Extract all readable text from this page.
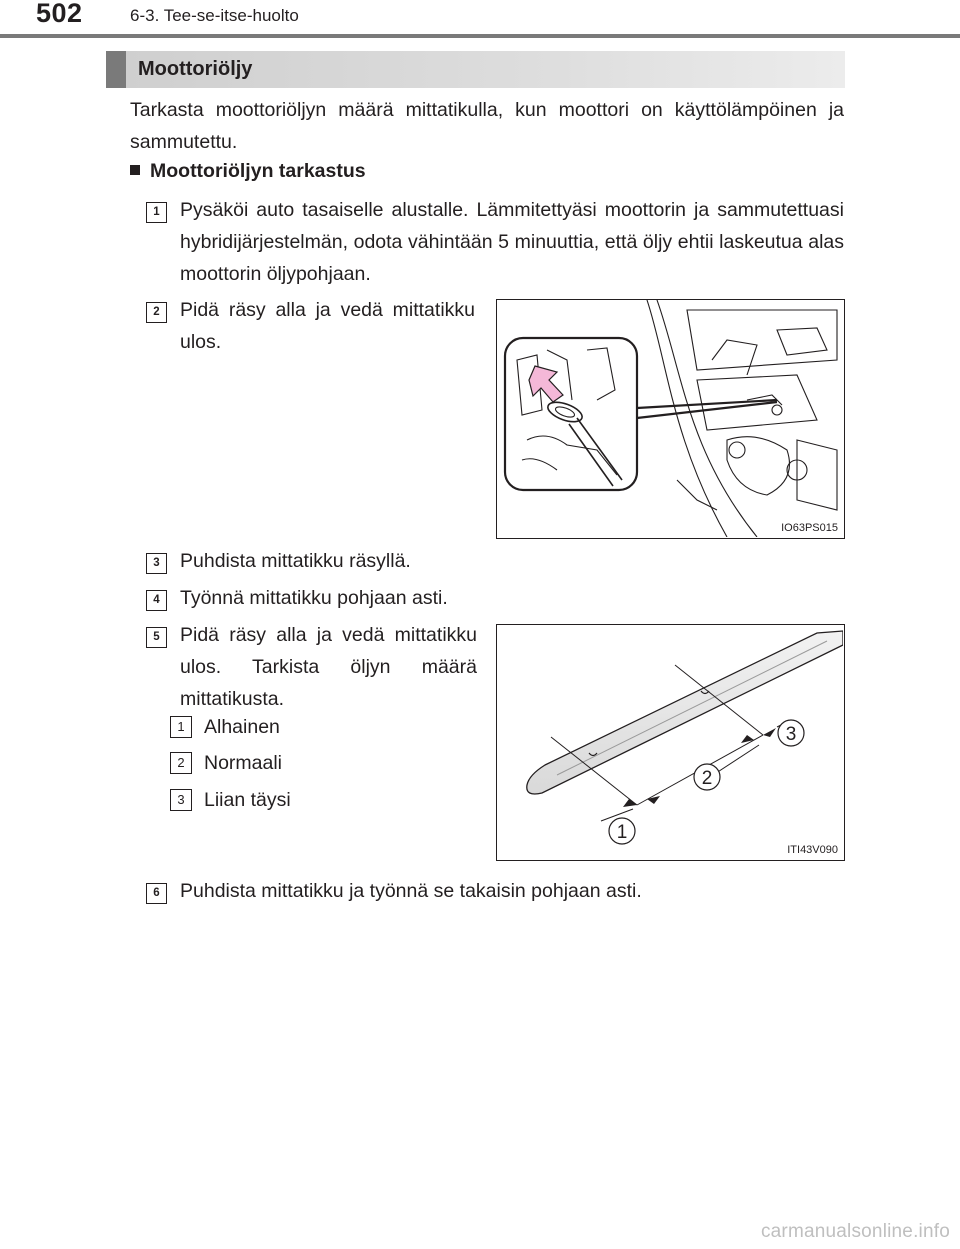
502	6-3. Tee-se-itse-huolto
Moottoriöljy
Tarkasta moottoriöljyn määrä mittatikulla, kun moottori on käyttölämpöinen ja sammutettu.
Moottoriöljyn tarkastus
1	Pysäköi auto tasaiselle alustalle. Lämmitettyäsi moottorin ja sammutettuasi hybridijärjestelmän, odota vähintään 5 minuuttia, että öljy ehtii laskeutua alas moottorin öljypohjaan.
2	Pidä räsy alla ja vedä mittatikku ulos.
IO63PS015
3	Puhdista mittatikku räsyllä.
4	Työnnä mittatikku pohjaan asti.
5	Pidä räsy alla ja vedä mittatikku ulos. Tarkista öljyn määrä mittatikusta.
1 Alhainen
2 Normaali
3 Liian täysi
1
2
3
ITI43V090
6	Puhdista mittatikku ja työnnä se takaisin pohjaan asti.
carmanualsonline.info
